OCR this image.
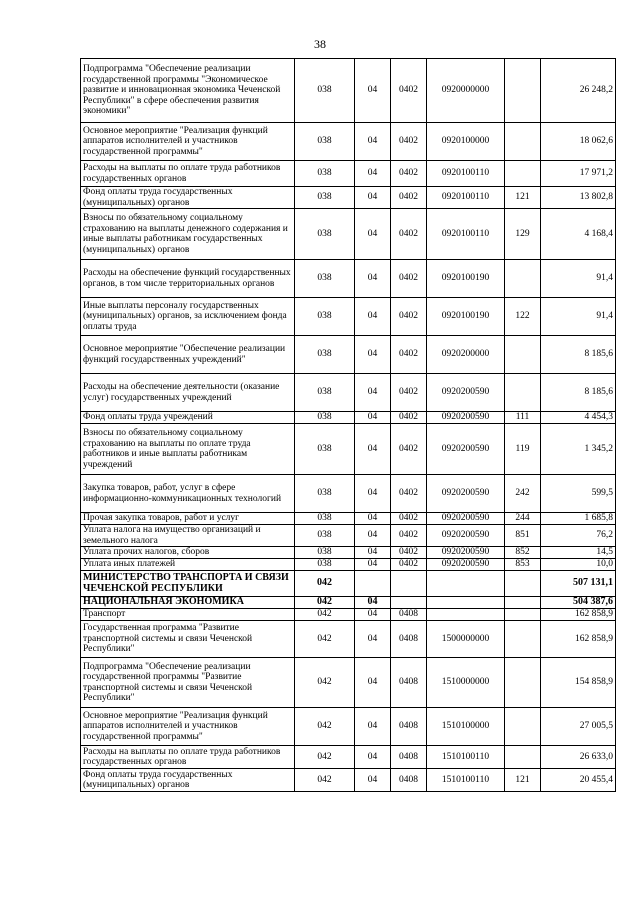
38
Подпрограмма "Обеспечение реализации государственной программы "Экономическое развитие и инновационная экономика Чеченской Республики" в сфере обеспечения развития экономики"	038	04	0402	0920000000		26 248,2
Основное мероприятие "Реализация функций аппаратов исполнителей и участников государственной программы"	038	04	0402	0920100000		18 062,6
Расходы на выплаты по оплате труда работников государственных органов	038	04	0402	0920100110		17 971,2
Фонд оплаты труда государственных (муниципальных) органов	038	04	0402	0920100110	121	13 802,8
Взносы по обязательному социальному страхованию на выплаты денежного содержания и иные выплаты работникам государственных (муниципальных) органов	038	04	0402	0920100110	129	4 168,4
Расходы на обеспечение функций государственных органов, в том числе территориальных органов	038	04	0402	0920100190		91,4
Иные выплаты персоналу государственных (муниципальных) органов, за исключением фонда оплаты труда	038	04	0402	0920100190	122	91,4
Основное мероприятие "Обеспечение реализации функций государственных учреждений"	038	04	0402	0920200000		8 185,6
Расходы на обеспечение деятельности (оказание услуг) государственных учреждений	038	04	0402	0920200590		8 185,6
Фонд оплаты труда учреждений	038	04	0402	0920200590	111	4 454,3
Взносы по обязательному социальному страхованию на выплаты по оплате труда работников и иные выплаты работникам учреждений	038	04	0402	0920200590	119	1 345,2
Закупка товаров, работ, услуг в сфере информационно-коммуникационных технологий	038	04	0402	0920200590	242	599,5
Прочая закупка товаров, работ и услуг	038	04	0402	0920200590	244	1 685,8
Уплата налога на имущество организаций и земельного налога	038	04	0402	0920200590	851	76,2
Уплата прочих налогов, сборов	038	04	0402	0920200590	852	14,5
Уплата иных платежей	038	04	0402	0920200590	853	10,0
МИНИСТЕРСТВО ТРАНСПОРТА И СВЯЗИ ЧЕЧЕНСКОЙ РЕСПУБЛИКИ	042					507 131,1
НАЦИОНАЛЬНАЯ ЭКОНОМИКА	042	04				504 387,6
Транспорт	042	04	0408			162 858,9
Государственная программа "Развитие транспортной системы и связи Чеченской Республики"	042	04	0408	1500000000		162 858,9
Подпрограмма "Обеспечение реализации государственной программы "Развитие транспортной системы и связи Чеченской Республики"	042	04	0408	1510000000		154 858,9
Основное мероприятие "Реализация функций аппаратов исполнителей и участников государственной программы"	042	04	0408	1510100000		27 005,5
Расходы на выплаты по оплате труда работников государственных органов	042	04	0408	1510100110		26 633,0
Фонд оплаты труда государственных (муниципальных) органов	042	04	0408	1510100110	121	20 455,4
